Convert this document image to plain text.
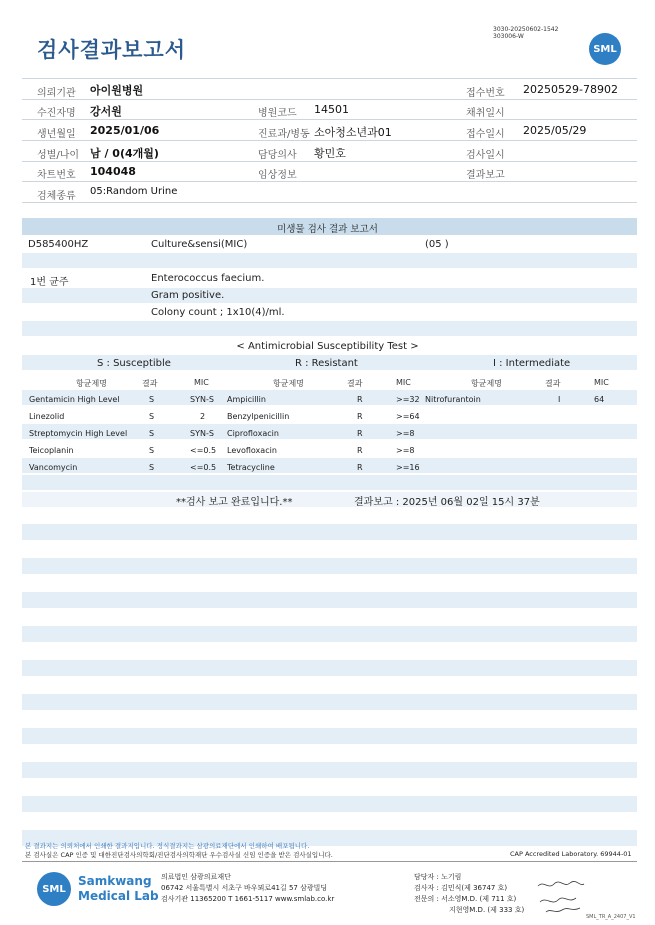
검사결과보고서
3030-20250602-1542
303006-W
SML
의뢰기관 아이원병원	접수번호 20250529-78902
수진자명 강서원	병원코드 14501	채취일시
생년월일 2025/01/06	진료과/병동 소아청소년과01	접수일시 2025/05/29
성별/나이 남 / 0(4개월)	담당의사 황민호	검사일시
차트번호 104048	임상정보	결과보고
검체종류 05:Random Urine
미생물 검사 결과 보고서
D585400HZ	Culture&sensi(MIC)	(05 )
1번 균주	Enterococcus faecium.
Gram positive.
Colony count ; 1x10(4)/ml.
< Antimicrobial Susceptibility Test >
S : Susceptible	R : Resistant	I : Intermediate
항균제명	결과	MIC	항균제명	결과	MIC	항균제명	결과	MIC
Gentamicin High Level	S	SYN-S Ampicillin	R	>=32 Nitrofurantoin	I	64
Linezolid	S	2	Benzylpenicillin	R	>=64
Streptomycin High Level	S	SYN-S Ciprofloxacin	R	>=8
Teicoplanin	S	<=0.5 Levofloxacin	R	>=8
Vancomycin	S	<=0.5 Tetracycline	R	>=16
**검사 보고 완료입니다.**	결과보고 : 2025년 06월 02일 15시 37분
본 결과지는 의뢰처에서 인쇄한 결과지입니다. 정식결과지는 삼광의료재단에서 인쇄하여 배포됩니다.
본 검사실은 CAP 인증 및 대한진단검사의학회/진단검사의학재단 우수검사실 신임 인증을 받은 검사실입니다.	CAP Accredited Laboratory. 69944-01
SML
Samkwang
Medical Lab
의료법인 삼광의료재단
06742 서울특별시 서초구 바우뫼로41길 57 삼광빌딩
검사기관 11365200 T 1661-5117 www.smlab.co.kr
담당자 : 노기림
검사자 : 김민식(제 36747 호)
전문의 : 서소영M.D. (제 711 호)
지현영M.D. (제 333 호)
SML_TR_A_2407_V1
